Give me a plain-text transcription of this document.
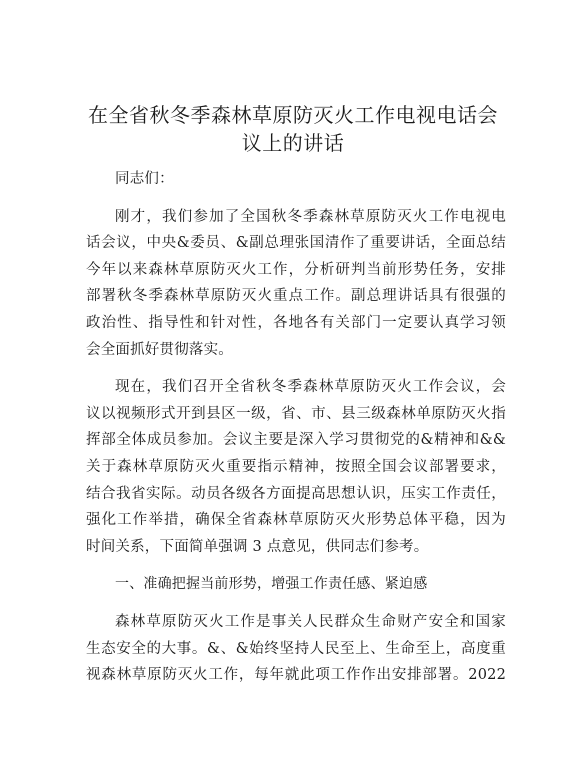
在全省秋冬季森林草原防灭火工作电视电话会
议上的讲话
同志们：
刚才，我们参加了全国秋冬季森林草原防灭火工作电视电
话会议，中央&委员、&副总理张国清作了重要讲话，全面总结
今年以来森林草原防灭火工作，分析研判当前形势任务，安排
部署秋冬季森林草原防灭火重点工作。副总理讲话具有很强的
政治性、指导性和针对性，各地各有关部门一定要认真学习领
会全面抓好贯彻落实。
现在，我们召开全省秋冬季森林草原防灭火工作会议，会
议以视频形式开到县区一级，省、市、县三级森林单原防灭火指
挥部全体成员参加。会议主要是深入学习贯彻党的&精神和&&
关于森林草原防灭火重要指示精神，按照全国会议部署要求，
结合我省实际。动员各级各方面提高思想认识，压实工作责任，
强化工作举措，确保全省森林草原防灭火形势总体平稳，因为
时间关系，下面简单强调 3 点意见，供同志们参考。
一、准确把握当前形势，增强工作责任感、紧迫感
森林草原防灭火工作是事关人民群众生命财产安全和国家
生态安全的大事。&、&始终坚持人民至上、生命至上，高度重
视森林草原防灭火工作，每年就此项工作作出安排部署。2022
